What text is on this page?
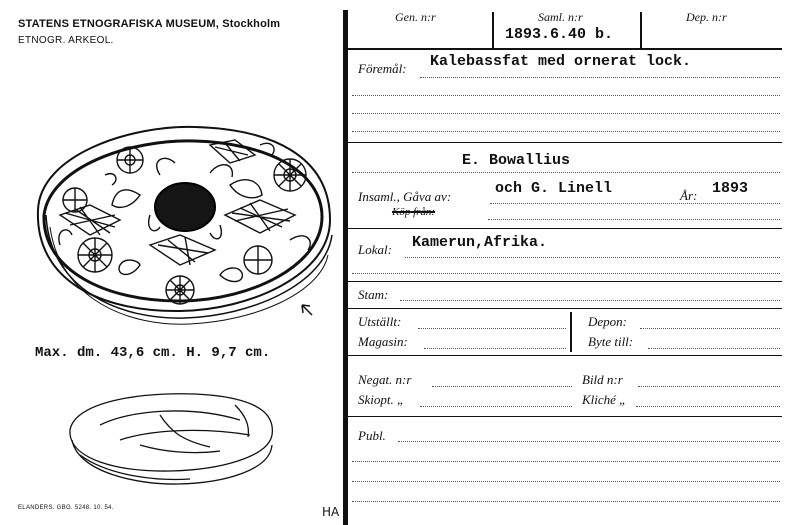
STATENS ETNOGRAFISKA MUSEUM, Stockholm
ETNOGR. ARKEOL.
Max. dm. 43,6 cm. H. 9,7 cm.
ELANDERS. GBG. 5248. 10. 54.
Gen. n:r	Saml. n:r
1893.6.40 b.
Dep. n:r
Föremål: Kalebassfat med ornerat lock.
E. Bowallius
Insaml., Gåva av:	och G. Linell	År: 1893
Köp från:
Lokal: Kamerun,Afrika.
Stam:
Utställt:	Depon:
Magasin:	Byte till:
Negat. n:r	Bild n:r
Skiopt. „	Kliché „
Publ.
HA
